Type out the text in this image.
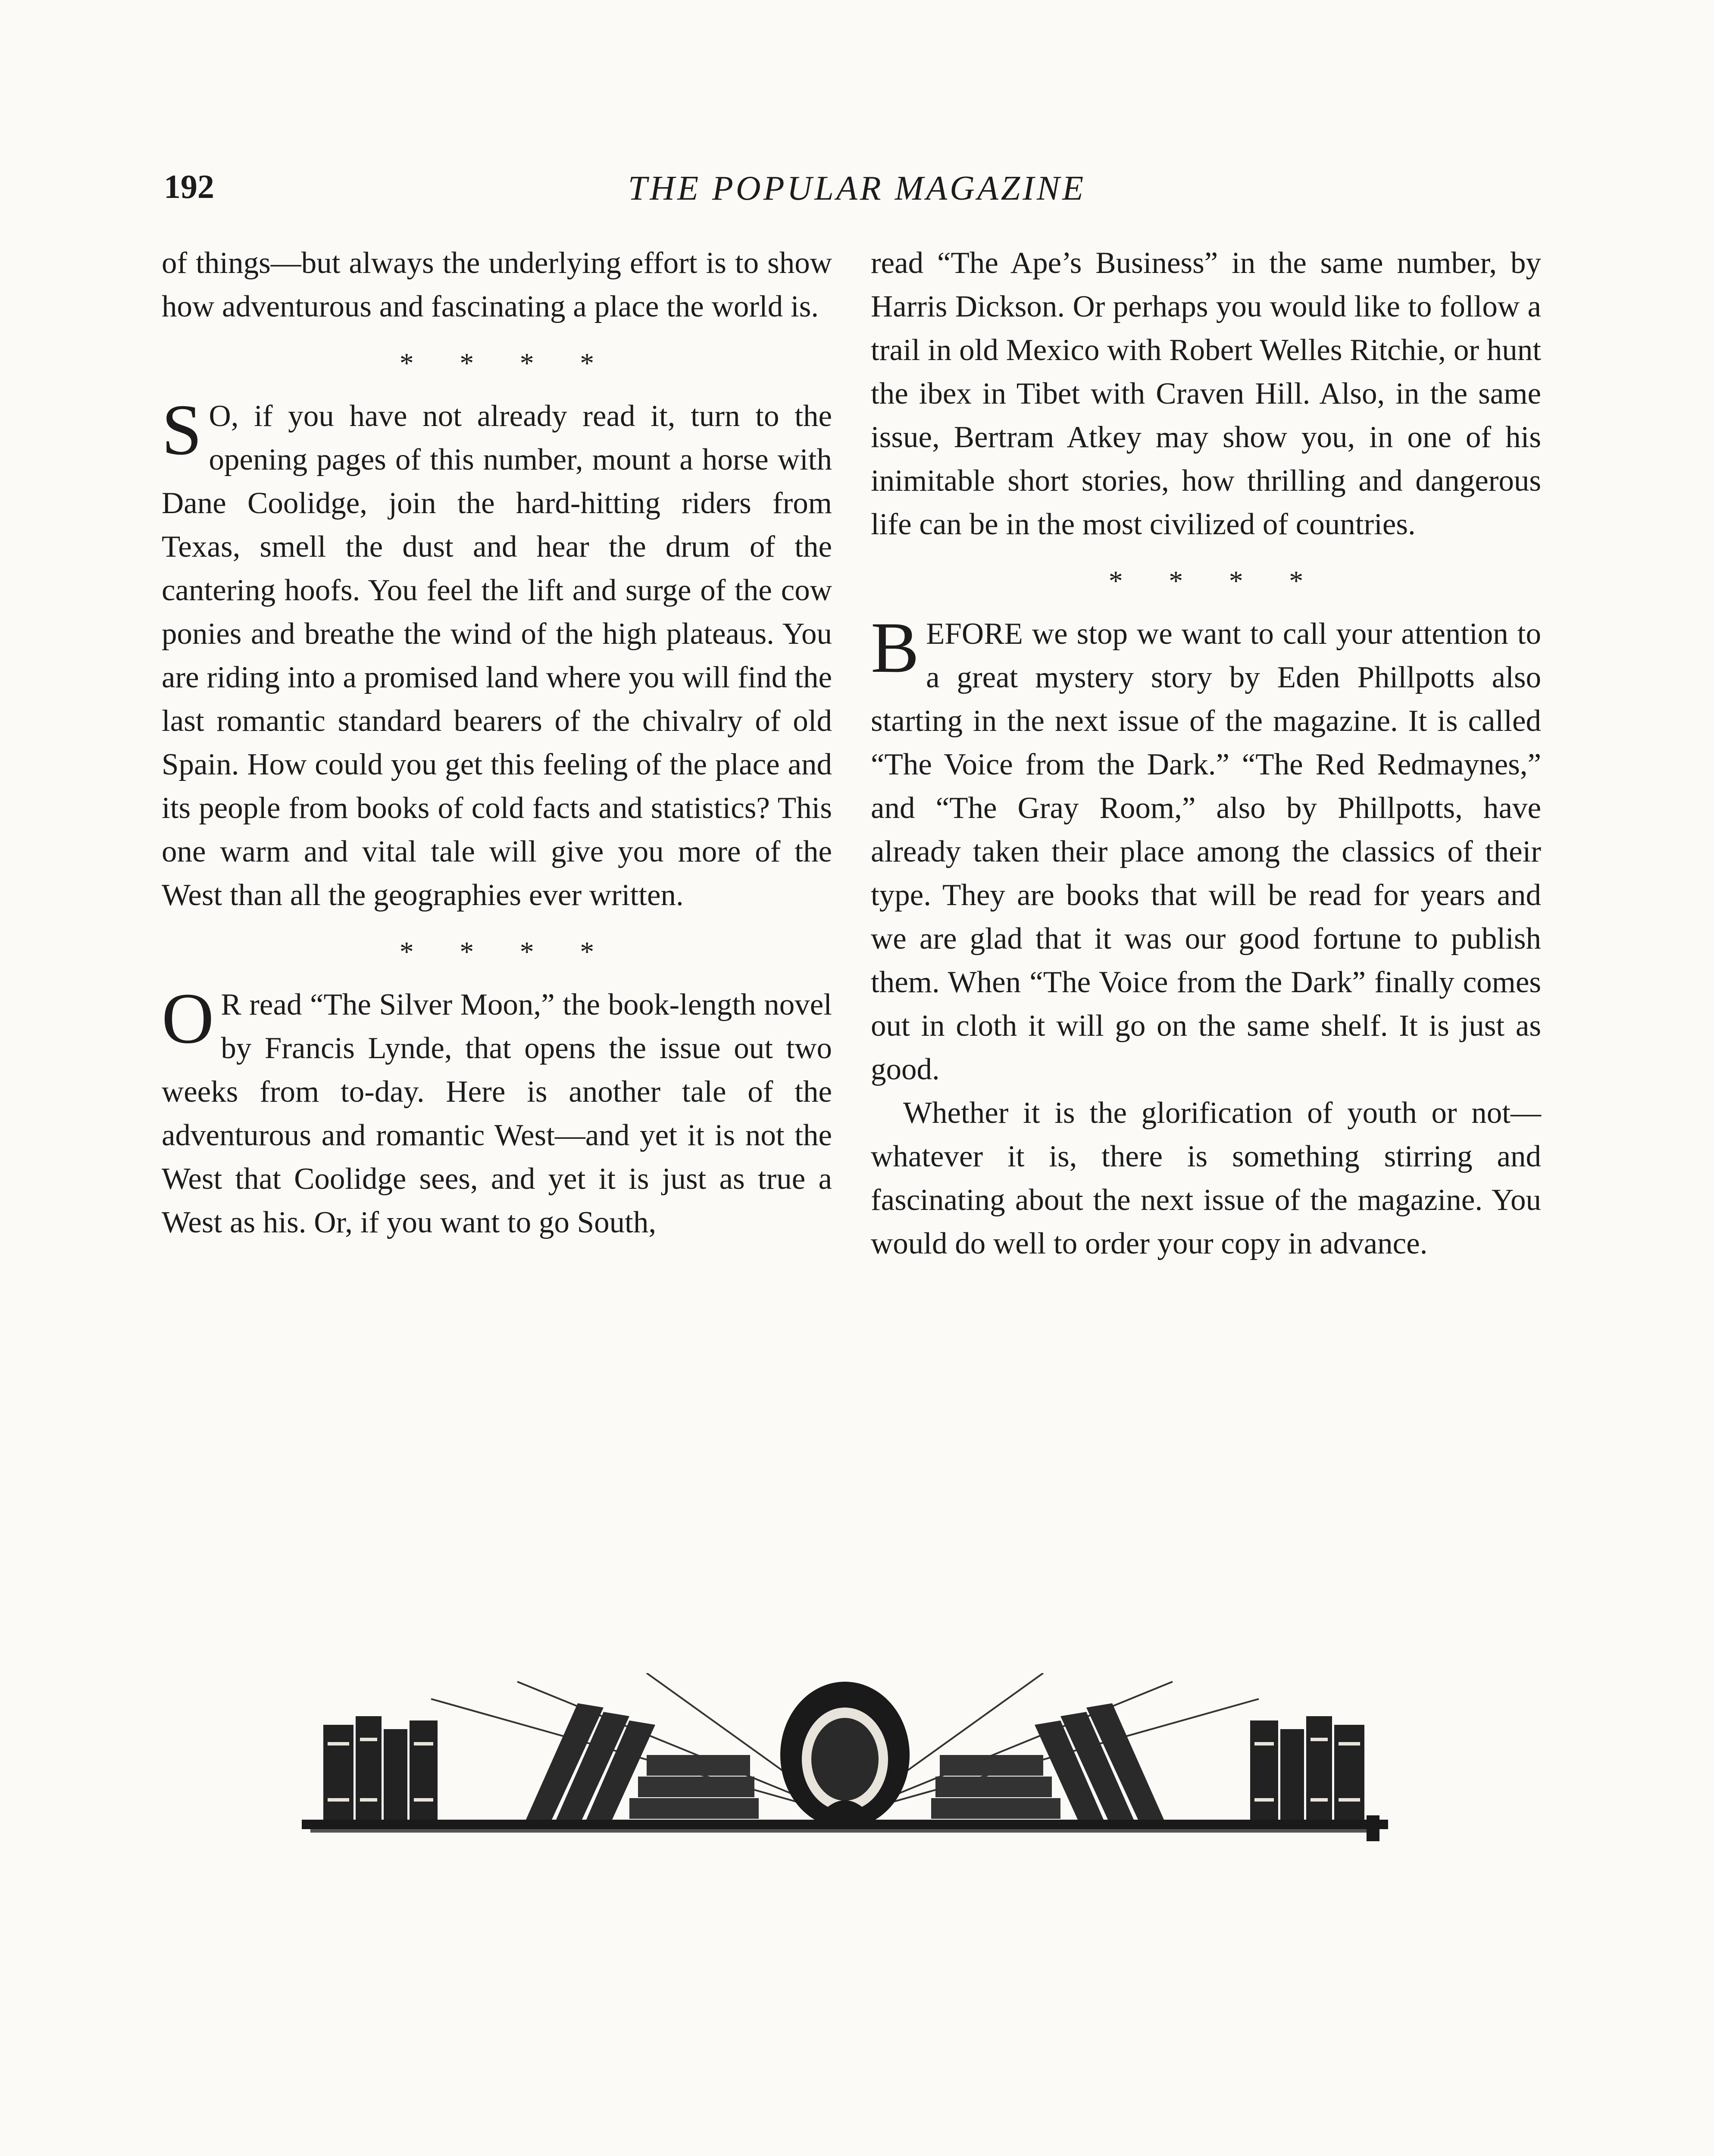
192	THE POPULAR MAGAZINE

of things—but always the underlying effort is to show how adventurous and fascinating a place the world is.

* * * *

S O, if you have not already read it, turn to the opening pages of this number, mount a horse with Dane Coolidge, join the hard-hitting riders from Texas, smell the dust and hear the drum of the cantering hoofs. You feel the lift and surge of the cow ponies and breathe the wind of the high plateaus. You are riding into a promised land where you will find the last romantic standard bearers of the chivalry of old Spain. How could you get this feeling of the place and its people from books of cold facts and statistics? This one warm and vital tale will give you more of the West than all the geographies ever written.

* * * *

O R read “The Silver Moon,” the book-length novel by Francis Lynde, that opens the issue out two weeks from to-day. Here is another tale of the adventurous and romantic West—and yet it is not the West that Coolidge sees, and yet it is just as true a West as his. Or, if you want to go South,

read “The Ape’s Business” in the same number, by Harris Dickson. Or perhaps you would like to follow a trail in old Mexico with Robert Welles Ritchie, or hunt the ibex in Tibet with Craven Hill. Also, in the same issue, Bertram Atkey may show you, in one of his inimitable short stories, how thrilling and dangerous life can be in the most civilized of countries.

* * * *

BEFORE we stop we want to call your attention to a great mystery story by Eden Phillpotts also starting in the next issue of the magazine. It is called “The Voice from the Dark.” “The Red Redmaynes,” and “The Gray Room,” also by Phillpotts, have already taken their place among the classics of their type. They are books that will be read for years and we are glad that it was our good fortune to publish them. When “The Voice from the Dark” finally comes out in cloth it will go on the same shelf. It is just as good.

Whether it is the glorification of youth or not—whatever it is, there is something stirring and fascinating about the next issue of the magazine. You would do well to order your copy in advance.
